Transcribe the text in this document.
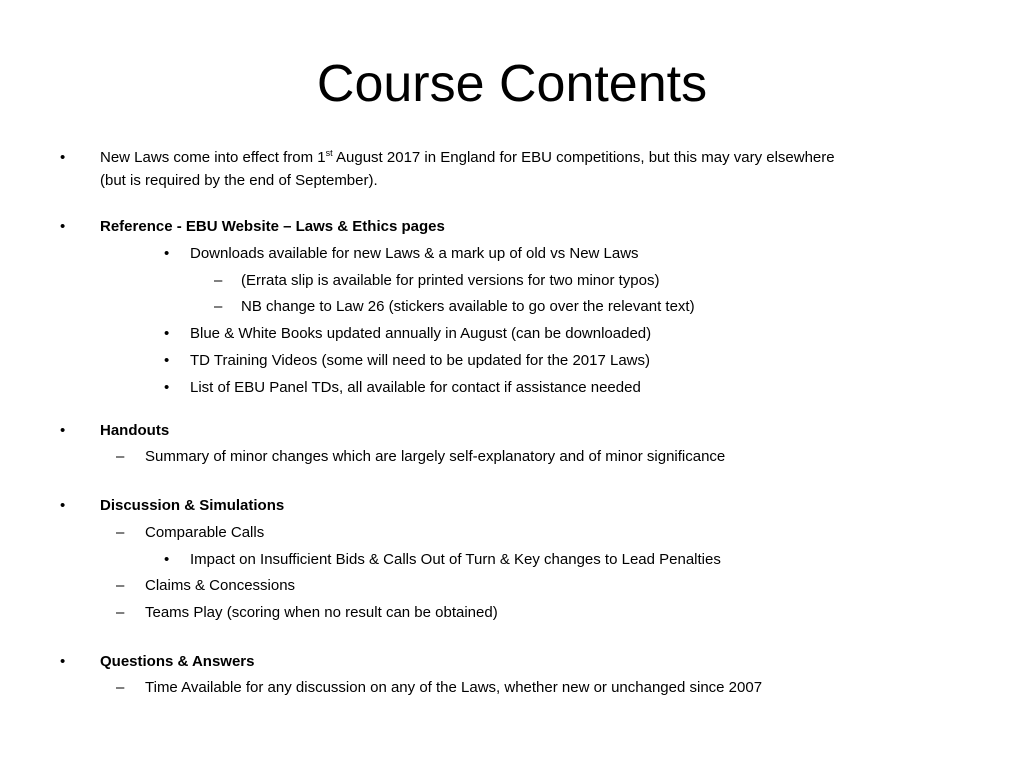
Course Contents
• New Laws come into effect from 1st August 2017 in England for EBU competitions, but this may vary elsewhere
(but is required by the end of September).
• Reference - EBU Website – Laws & Ethics pages
• Downloads available for new Laws & a mark up of old vs New Laws
– (Errata slip is available for printed versions for two minor typos)
– NB change to Law 26 (stickers available to go over the relevant text)
• Blue & White Books updated annually in August (can be downloaded)
• TD Training Videos (some will need to be updated for the 2017 Laws)
• List of EBU Panel TDs, all available for contact if assistance needed
• Handouts
– Summary of minor changes which are largely self-explanatory and of minor significance
• Discussion & Simulations
– Comparable Calls
• Impact on Insufficient Bids & Calls Out of Turn & Key changes to Lead Penalties
– Claims & Concessions
– Teams Play (scoring when no result can be obtained)
• Questions & Answers
– Time Available for any discussion on any of the Laws, whether new or unchanged since 2007
